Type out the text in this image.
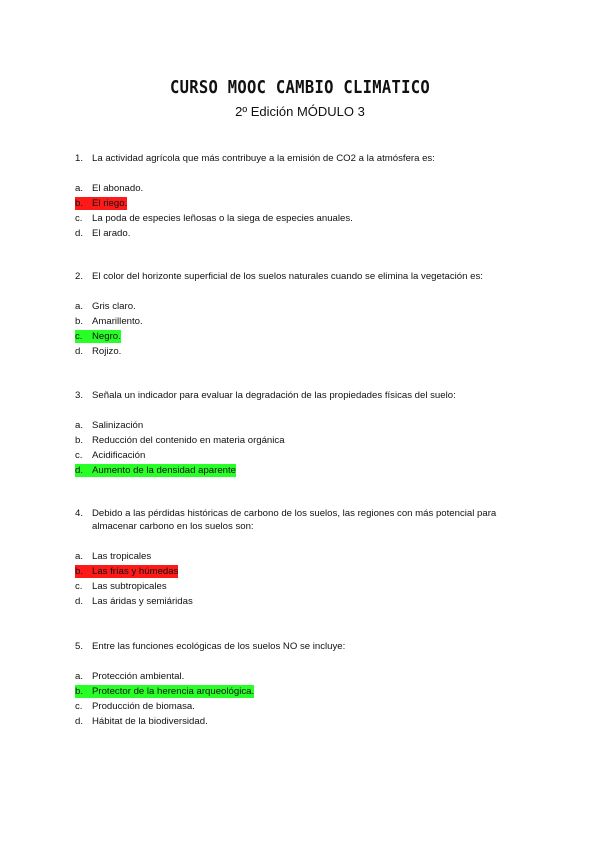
CURSO MOOC CAMBIO CLIMATICO
2º Edición MÓDULO 3
1. La actividad agrícola que más contribuye a la emisión de CO2 a la atmósfera es:
a. El abonado.
b. El riego.
c. La poda de especies leñosas o la siega de especies anuales.
d. El arado.
2. El color del horizonte superficial de los suelos naturales cuando se elimina la vegetación es:
a. Gris claro.
b. Amarillento.
c. Negro.
d. Rojizo.
3. Señala un indicador para evaluar la degradación de las propiedades físicas del suelo:
a. Salinización
b. Reducción del contenido en materia orgánica
c. Acidificación
d. Aumento de la densidad aparente
4. Debido a las pérdidas históricas de carbono de los suelos, las regiones con más potencial para almacenar carbono en los suelos son:
a. Las tropicales
b. Las frías y húmedas
c. Las subtropicales
d. Las áridas y semiáridas
5. Entre las funciones ecológicas de los suelos NO se incluye:
a. Protección ambiental.
b. Protector de la herencia arqueológica.
c. Producción de biomasa.
d. Hábitat de la biodiversidad.
